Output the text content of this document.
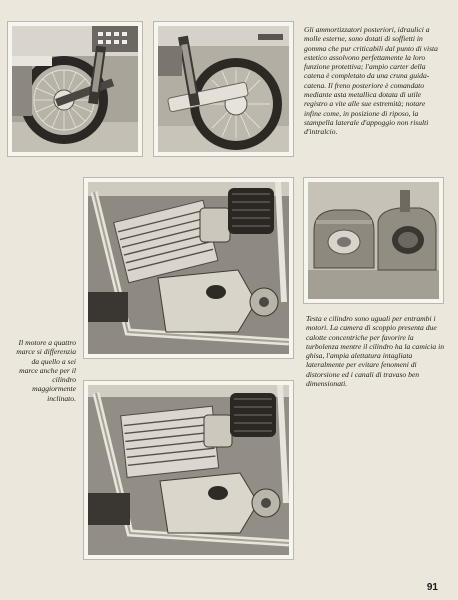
Gli ammortizzatori posteriori, idraulici a molle esterne, sono dotati di soffietti in gomma che pur criticabili dal punto di vista estetico assolvono perfettamente la loro funzione protettiva; l'ampio carter della catena è completato da una cruna guida-catena. Il freno posteriore è comandato mediante asta metallica dotata di utile registro a vite alle sue estremità; notare infine come, in posizione di riposo, la stampella laterale d'appoggio non risulti d'intralcio.

Testa e cilindro sono uguali per entrambi i motori. La camera di scoppio presenta due calotte concentriche per favorire la turbolenza mentre il cilindro ha la camicia in ghisa, l'ampia alettatura intagliata lateralmente per evitare fenomeni di distorsione ed i canali di travaso ben dimensionati.

Il motore a quattro marce si differenzia da quello a sei marce anche per il cilindro maggiormente inclinato.

91
